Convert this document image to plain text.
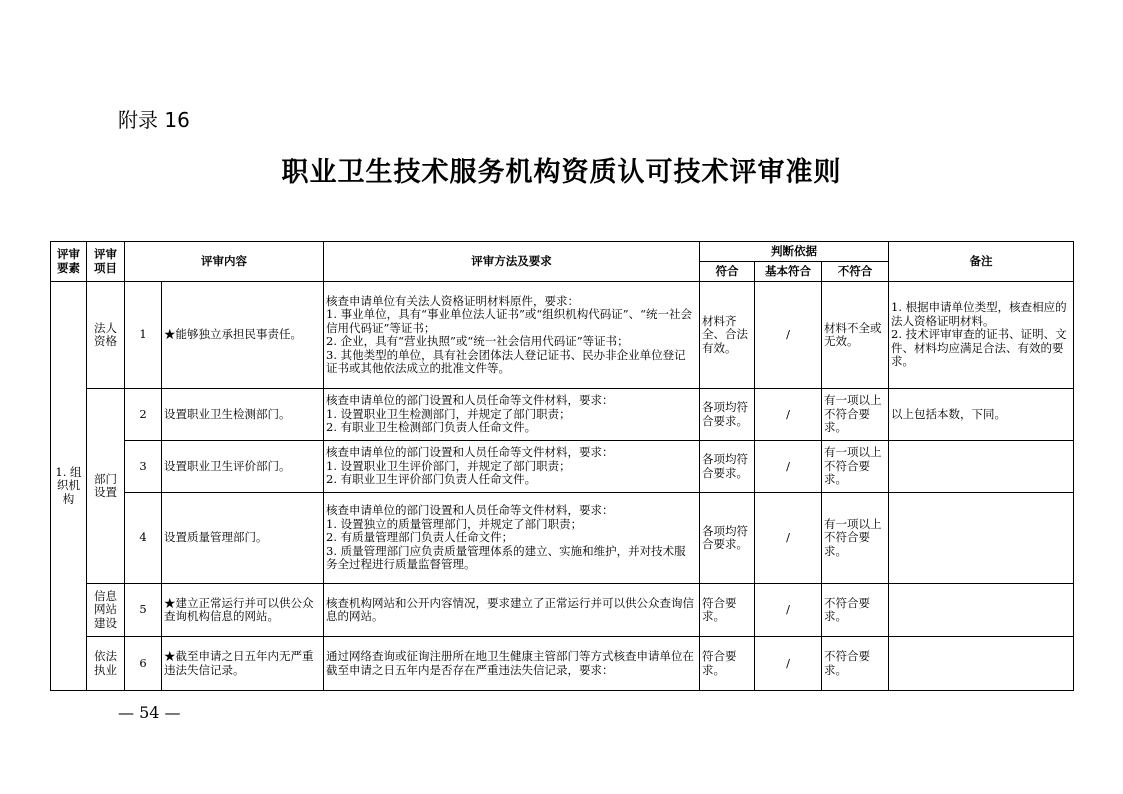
附录 16
职业卫生技术服务机构资质认可技术评审准则
评审要素	评审项目	评审内容		评审方法及要求	判断依据			备注
					符合	基本符合	不符合	
1. 组织机构	法人资格	1	★能够独立承担民事责任。	核查申请单位有关法人资格证明材料原件，要求：
1. 事业单位，具有“事业单位法人证书”或“组织机构代码证”、“统一社会信用代码证”等证书；
2. 企业，具有“营业执照”或“统一社会信用代码证”等证书；
3. 其他类型的单位，具有社会团体法人登记证书、民办非企业单位登记证书或其他依法成立的批准文件等。	材料齐全、合法有效。	/	材料不全或无效。	1. 根据申请单位类型，核查相应的法人资格证明材料。
2. 技术评审审查的证书、证明、文件、材料均应满足合法、有效的要求。
	部门设置	2	设置职业卫生检测部门。	核查申请单位的部门设置和人员任命等文件材料，要求：
1. 设置职业卫生检测部门，并规定了部门职责；
2. 有职业卫生检测部门负责人任命文件。	各项均符合要求。	/	有一项以上不符合要求。	以上包括本数，下同。
		3	设置职业卫生评价部门。	核查申请单位的部门设置和人员任命等文件材料，要求：
1. 设置职业卫生评价部门，并规定了部门职责；
2. 有职业卫生评价部门负责人任命文件。	各项均符合要求。	/	有一项以上不符合要求。	
		4	设置质量管理部门。	核查申请单位的部门设置和人员任命等文件材料，要求：
1. 设置独立的质量管理部门，并规定了部门职责；
2. 有质量管理部门负责人任命文件；
3. 质量管理部门应负责质量管理体系的建立、实施和维护，并对技术服务全过程进行质量监督管理。	各项均符合要求。	/	有一项以上不符合要求。	
	信息网站建设	5	★建立正常运行并可以供公众查询机构信息的网站。	核查机构网站和公开内容情况，要求建立了正常运行并可以供公众查询信息的网站。	符合要求。	/	不符合要求。	
	依法执业	6	★截至申请之日五年内无严重违法失信记录。	通过网络查询或征询注册所在地卫生健康主管部门等方式核查申请单位在截至申请之日五年内是否存在严重违法失信记录，要求：	符合要求。	/	不符合要求。	
— 54 —
